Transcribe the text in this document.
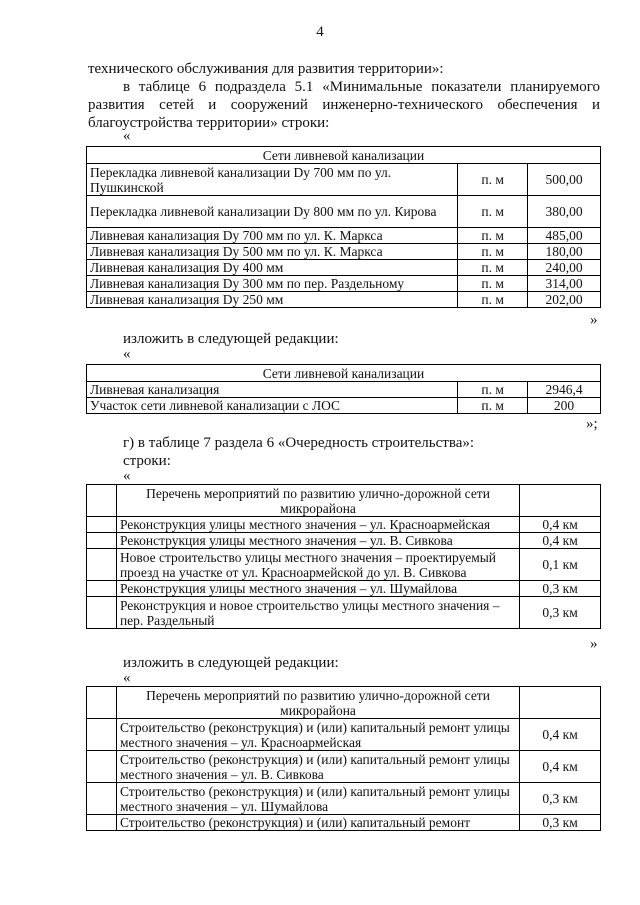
4
технического обслуживания для развития территории»:
в таблице 6 подраздела 5.1 «Минимальные показатели планируемого
развития сетей и сооружений инженерно-технического обеспечения и
благоустройства территории» строки:
«
Сети ливневой канализации		
Перекладка ливневой канализации Dy 700 мм по ул. Пушкинской	п. м	500,00
Перекладка ливневой канализации Dy 800 мм по ул. Кирова	п. м	380,00
Ливневая канализация Dy 700 мм по ул. К. Маркса	п. м	485,00
Ливневая канализация Dy 500 мм по ул. К. Маркса	п. м	180,00
Ливневая канализация Dy 400 мм	п. м	240,00
Ливневая канализация Dy 300 мм по пер. Раздельному	п. м	314,00
Ливневая канализация Dy 250 мм	п. м	202,00
»
изложить в следующей редакции:
«
Сети ливневой канализации		
Ливневая канализация	п. м	2946,4
Участок сети ливневой канализации с ЛОС	п. м	200
»;
г) в таблице 7 раздела 6 «Очередность строительства»:
строки:
«
	Перечень мероприятий по развитию улично-дорожной сети микрорайона	
	Реконструкция улицы местного значения – ул. Красноармейская	0,4 км
	Реконструкция улицы местного значения – ул. В. Сивкова	0,4 км
	Новое строительство улицы местного значения – проектируемый проезд на участке от ул. Красноармейской до ул. В. Сивкова	0,1 км
	Реконструкция улицы местного значения – ул. Шумайлова	0,3 км
	Реконструкция и новое строительство улицы местного значения – пер. Раздельный	0,3 км
»
изложить в следующей редакции:
«
	Перечень мероприятий по развитию улично-дорожной сети микрорайона	
	Строительство (реконструкция) и (или) капитальный ремонт улицы местного значения – ул. Красноармейская	0,4 км
	Строительство (реконструкция) и (или) капитальный ремонт улицы местного значения – ул. В. Сивкова	0,4 км
	Строительство (реконструкция) и (или) капитальный ремонт улицы местного значения – ул. Шумайлова	0,3 км
	Строительство (реконструкция) и (или) капитальный ремонт	0,3 км
